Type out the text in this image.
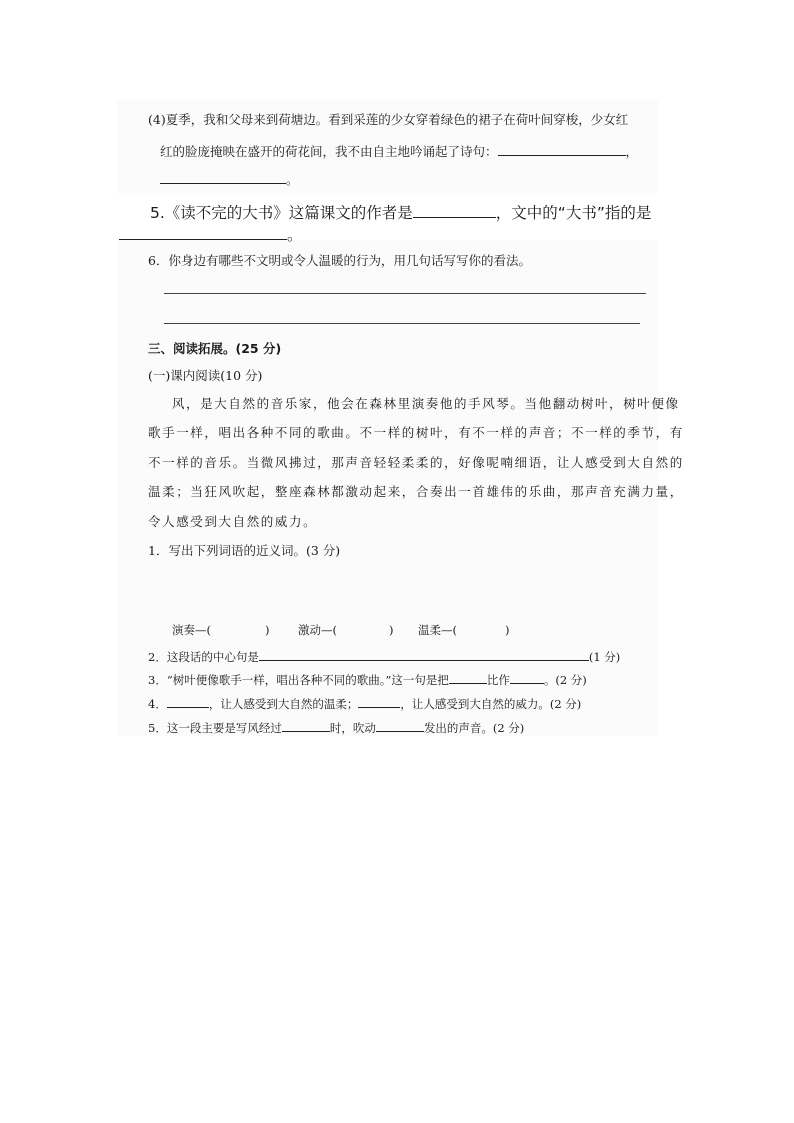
(4)夏季，我和父母来到荷塘边。看到采莲的少女穿着绿色的裙子在荷叶间穿梭，少女红
红的脸庞掩映在盛开的荷花间，我不由自主地吟诵起了诗句：	，
。
5.《读不完的大书》这篇课文的作者是	，文中的“大书”指的是
。
6．你身边有哪些不文明或令人温暖的行为，用几句话写写你的看法。
三、阅读拓展。(25 分)
(一)课内阅读(10 分)
风，是大自然的音乐家，他会在森林里演奏他的手风琴。当他翻动树叶，树叶便像
歌手一样，唱出各种不同的歌曲。不一样的树叶，有不一样的声音；不一样的季节，有
不一样的音乐。当微风拂过，那声音轻轻柔柔的，好像呢喃细语，让人感受到大自然的
温柔；当狂风吹起，整座森林都激动起来，合奏出一首雄伟的乐曲，那声音充满力量，
令人感受到大自然的威力。
1．写出下列词语的近义词。(3 分)
演奏—(	) 激动—(	) 温柔—(	)
2．这段话的中心句是	(1 分)
3．“树叶便像歌手一样，唱出各种不同的歌曲。”这一句是把	比作	。(2 分)
4．	，让人感受到大自然的温柔；	，让人感受到大自然的威力。(2 分)
5．这一段主要是写风经过	时，吹动	发出的声音。(2 分)
